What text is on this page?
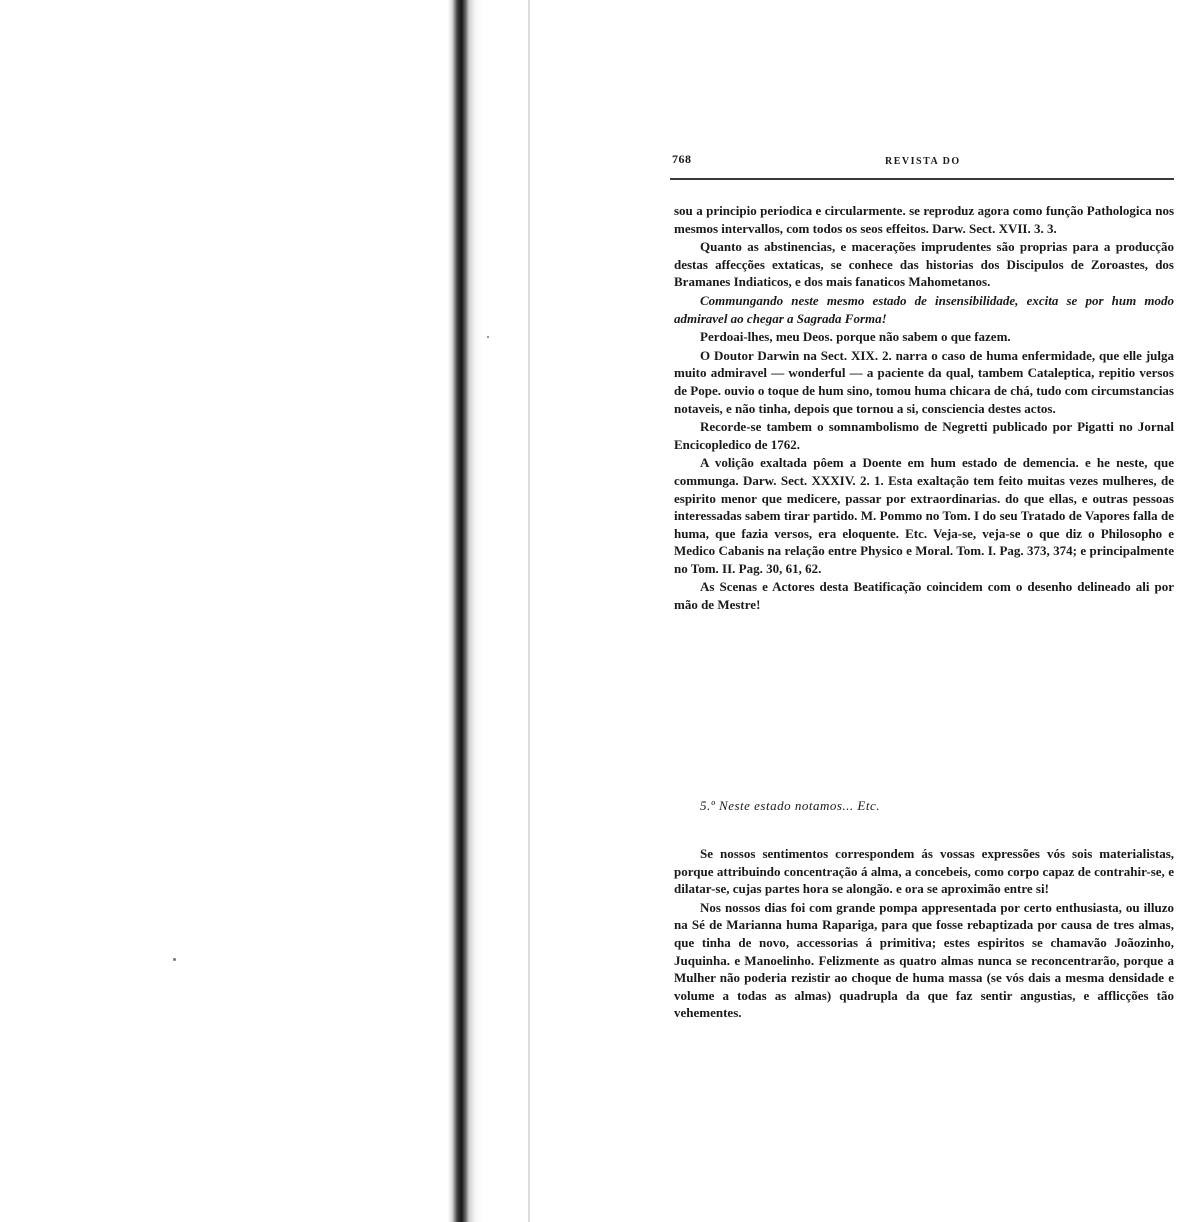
768	REVISTA DO

sou a principio periodica e circularmente. se reproduz agora como função Pathologica nos mesmos intervallos, com todos os seos effeitos. Darw. Sect. XVII. 3. 3.

Quanto as abstinencias, e macerações imprudentes são proprias para a producção destas affecções extaticas, se conhece das historias dos Discipulos de Zoroastes, dos Bramanes Indiaticos, e dos mais fanaticos Mahometanos.

Commungando neste mesmo estado de insensibilidade, excita se por hum modo admiravel ao chegar a Sagrada Forma!

Perdoai-lhes, meu Deos. porque não sabem o que fazem.

O Doutor Darwin na Sect. XIX. 2. narra o caso de huma enfermidade, que elle julga muito admiravel — wonderful — a paciente da qual, tambem Cataleptica, repitio versos de Pope. ouvio o toque de hum sino, tomou huma chicara de chá, tudo com circumstancias notaveis, e não tinha, depois que tornou a si, consciencia destes actos.

Recorde-se tambem o somnambolismo de Negretti publicado por Pigatti no Jornal Encicopledico de 1762.

A volição exaltada pôem a Doente em hum estado de demencia. e he neste, que communga. Darw. Sect. XXXIV. 2. 1. Esta exaltação tem feito muitas vezes mulheres, de espirito menor que medicere, passar por extraordinarias. do que ellas, e outras pessoas interessadas sabem tirar partido. M. Pommo no Tom. I do seu Tratado de Vapores falla de huma, que fazia versos, era eloquente. Etc. Veja-se, veja-se o que diz o Philosopho e Medico Cabanis na relação entre Physico e Moral. Tom. I. Pag. 373, 374; e principalmente no Tom. II. Pag. 30, 61, 62.

As Scenas e Actores desta Beatificação coincidem com o desenho delineado ali por mão de Mestre!

5.º Neste estado notamos... Etc.

Se nossos sentimentos correspondem ás vossas expressões vós sois materialistas, porque attribuindo concentração á alma, a concebeis, como corpo capaz de contrahir-se, e dilatar-se, cujas partes hora se alongão. e ora se aproximão entre si!

Nos nossos dias foi com grande pompa appresentada por certo enthusiasta, ou illuzo na Sé de Marianna huma Rapariga, para que fosse rebaptizada por causa de tres almas, que tinha de novo, accessorias á primitiva; estes espiritos se chamavão Joãozinho, Juquinha. e Manoelinho. Felizmente as quatro almas nunca se reconcentrarão, porque a Mulher não poderia rezistir ao choque de huma massa (se vós dais a mesma densidade e volume a todas as almas) quadrupla da que faz sentir angustias, e afflicções tão vehementes.
